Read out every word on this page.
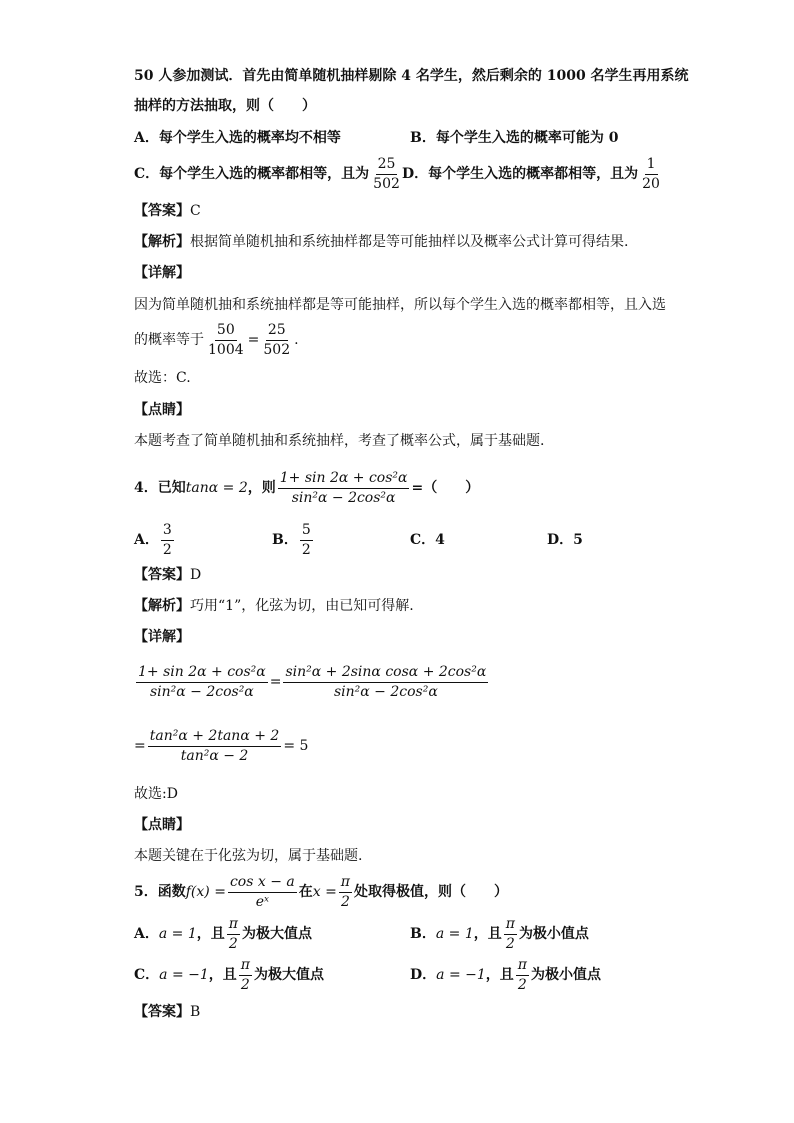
50 人参加测试．首先由简单随机抽样剔除 4 名学生，然后剩余的 1000 名学生再用系统
抽样的方法抽取，则（　　）
A．每个学生入选的概率均不相等	B．每个学生入选的概率可能为 0
C．每个学生入选的概率都相等，且为 $\frac{25}{502}$ D．每个学生入选的概率都相等，且为 $\frac{1}{20}$
【答案】C
【解析】根据简单随机抽和系统抽样都是等可能抽样以及概率公式计算可得结果.
【详解】
因为简单随机抽和系统抽样都是等可能抽样，所以每个学生入选的概率都相等，且入选
的概率等于 $\frac{50}{1004} = \frac{25}{502}$ .
故选：C.
【点睛】
本题考查了简单随机抽和系统抽样，考查了概率公式，属于基础题.
4．已知tanα = 2，则 $\frac{\text{1+ sin 2α + cos²α}}{\text{sin²α − 2cos²α}}$ =（　　）
A． $\frac{3}{2}$	B． $\frac{5}{2}$	C．4	D．5
【答案】D
【解析】巧用“1”，化弦为切，由已知可得解.
【详解】
$\frac{\text{1+ sin 2α + cos²α}}{\text{sin²α − 2cos²α}} = \frac{\text{sin²α + 2sinα cosα + 2cos²α}}{\text{sin²α − 2cos²α}}$
= $\frac{\text{tan²α + 2tanα + 2}}{\text{tan²α − 2}} = 5$
故选:D
【点睛】
本题关键在于化弦为切，属于基础题.
5．函数$f(x) = \frac{\text{cos x − a}}{\text{eˣ}}$ 在$x = \frac{\pi}{2}$ 处取得极值，则（　　）
A．a = 1，且 $\frac{\pi}{2}$ 为极大值点	B．a = 1，且 $\frac{\pi}{2}$ 为极小值点
C．a = −1，且 $\frac{\pi}{2}$ 为极大值点	D．a = −1，且 $\frac{\pi}{2}$ 为极小值点
【答案】B
